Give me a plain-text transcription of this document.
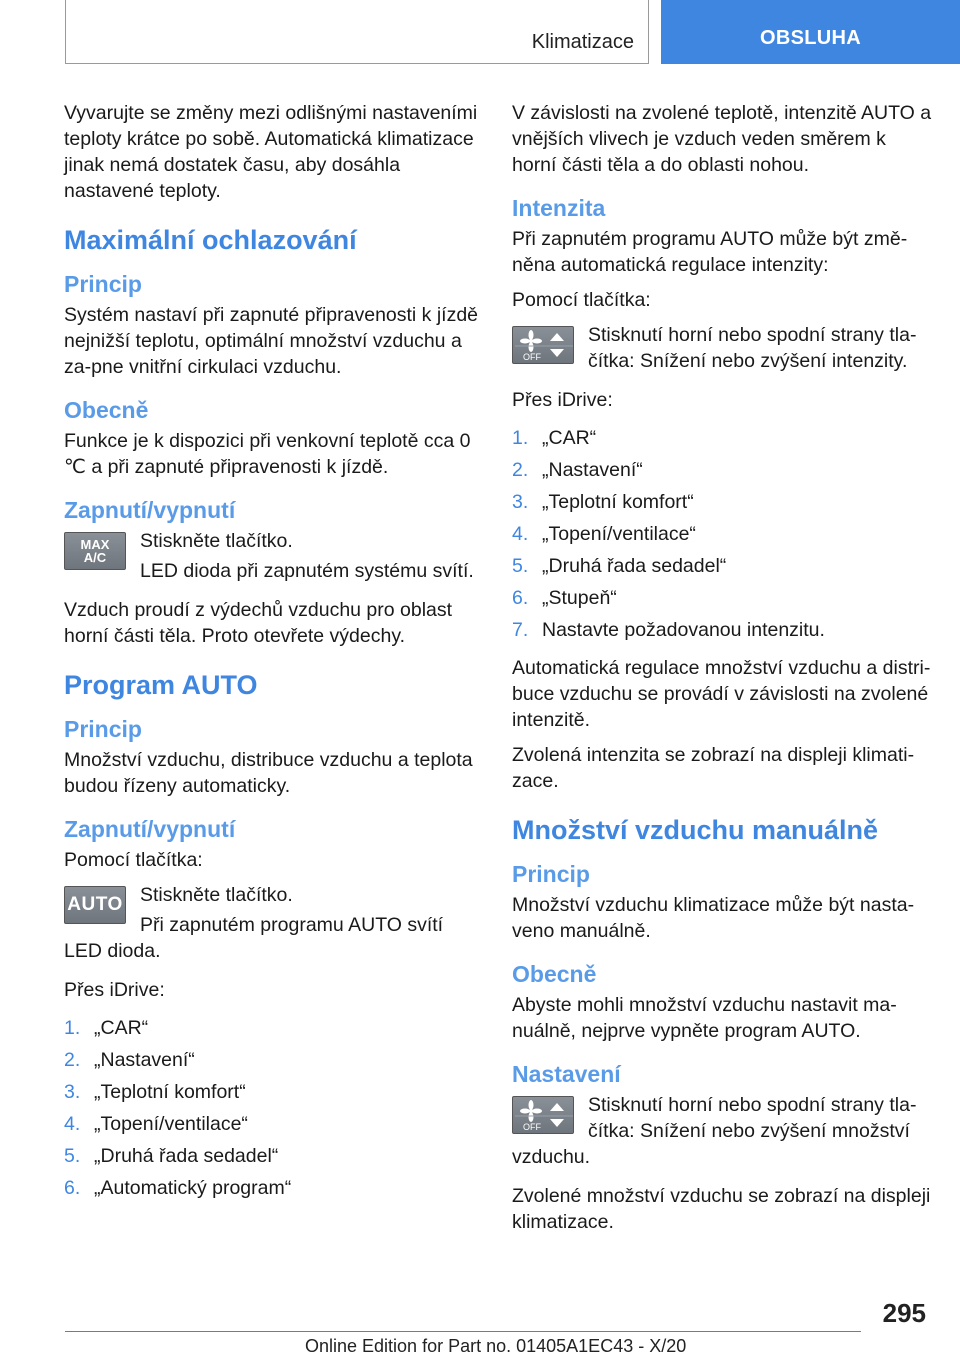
Klimatizace	OBSLUHA

Vyvarujte se změny mezi odlišnými nastaveními teploty krátce po sobě. Automatická klimatizace jinak nemá dostatek času, aby dosáhla nastavené teploty.

Maximální ochlazování
Princip

Systém nastaví při zapnuté připravenosti k jízdě nejnižší teplotu, optimální množství vzduchu a za-pne vnitřní cirkulaci vzduchu.

Obecně

Funkce je k dispozici při venkovní teplotě cca 0 ℃ a při zapnuté připravenosti k jízdě.

Zapnutí/vypnutí
MAX
A/C

Stiskněte tlačítko.

LED dioda při zapnutém systému svítí.

Vzduch proudí z výdechů vzduchu pro oblast horní části těla. Proto otevřete výdechy.

Program AUTO
Princip

Množství vzduchu, distribuce vzduchu a teplota budou řízeny automaticky.

Zapnutí/vypnutí

Pomocí tlačítka:

AUTO Stiskněte tlačítko.

Při zapnutém programu AUTO svítí LED dioda.

Přes iDrive:

1. „CAR“
2. „Nastavení“
3. „Teplotní komfort“
4. „Topení/ventilace“
5. „Druhá řada sedadel“
6. „Automatický program“

V závislosti na zvolené teplotě, intenzitě AUTO a vnějších vlivech je vzduch veden směrem k horní části těla a do oblasti nohou.

Intenzita

Při zapnutém programu AUTO může být změ-něna automatická regulace intenzity:

Pomocí tlačítka:

OFF

Stisknutí horní nebo spodní strany tla-čítka: Snížení nebo zvýšení intenzity.

Přes iDrive:

1. „CAR“
2. „Nastavení“
3. „Teplotní komfort“
4. „Topení/ventilace“
5. „Druhá řada sedadel“
6. „Stupeň“
7. Nastavte požadovanou intenzitu.

Automatická regulace množství vzduchu a distri-buce vzduchu se provádí v závislosti na zvolené intenzitě.

Zvolená intenzita se zobrazí na displeji klimati-zace.

Množství vzduchu manuálně
Princip

Množství vzduchu klimatizace může být nasta-veno manuálně.

Obecně

Abyste mohli množství vzduchu nastavit ma-nuálně, nejprve vypněte program AUTO.

Nastavení
OFF

Stisknutí horní nebo spodní strany tla-čítka: Snížení nebo zvýšení množství vzduchu.

Zvolené množství vzduchu se zobrazí na displeji klimatizace.

295
Online Edition for Part no. 01405A1EC43 - X/20
